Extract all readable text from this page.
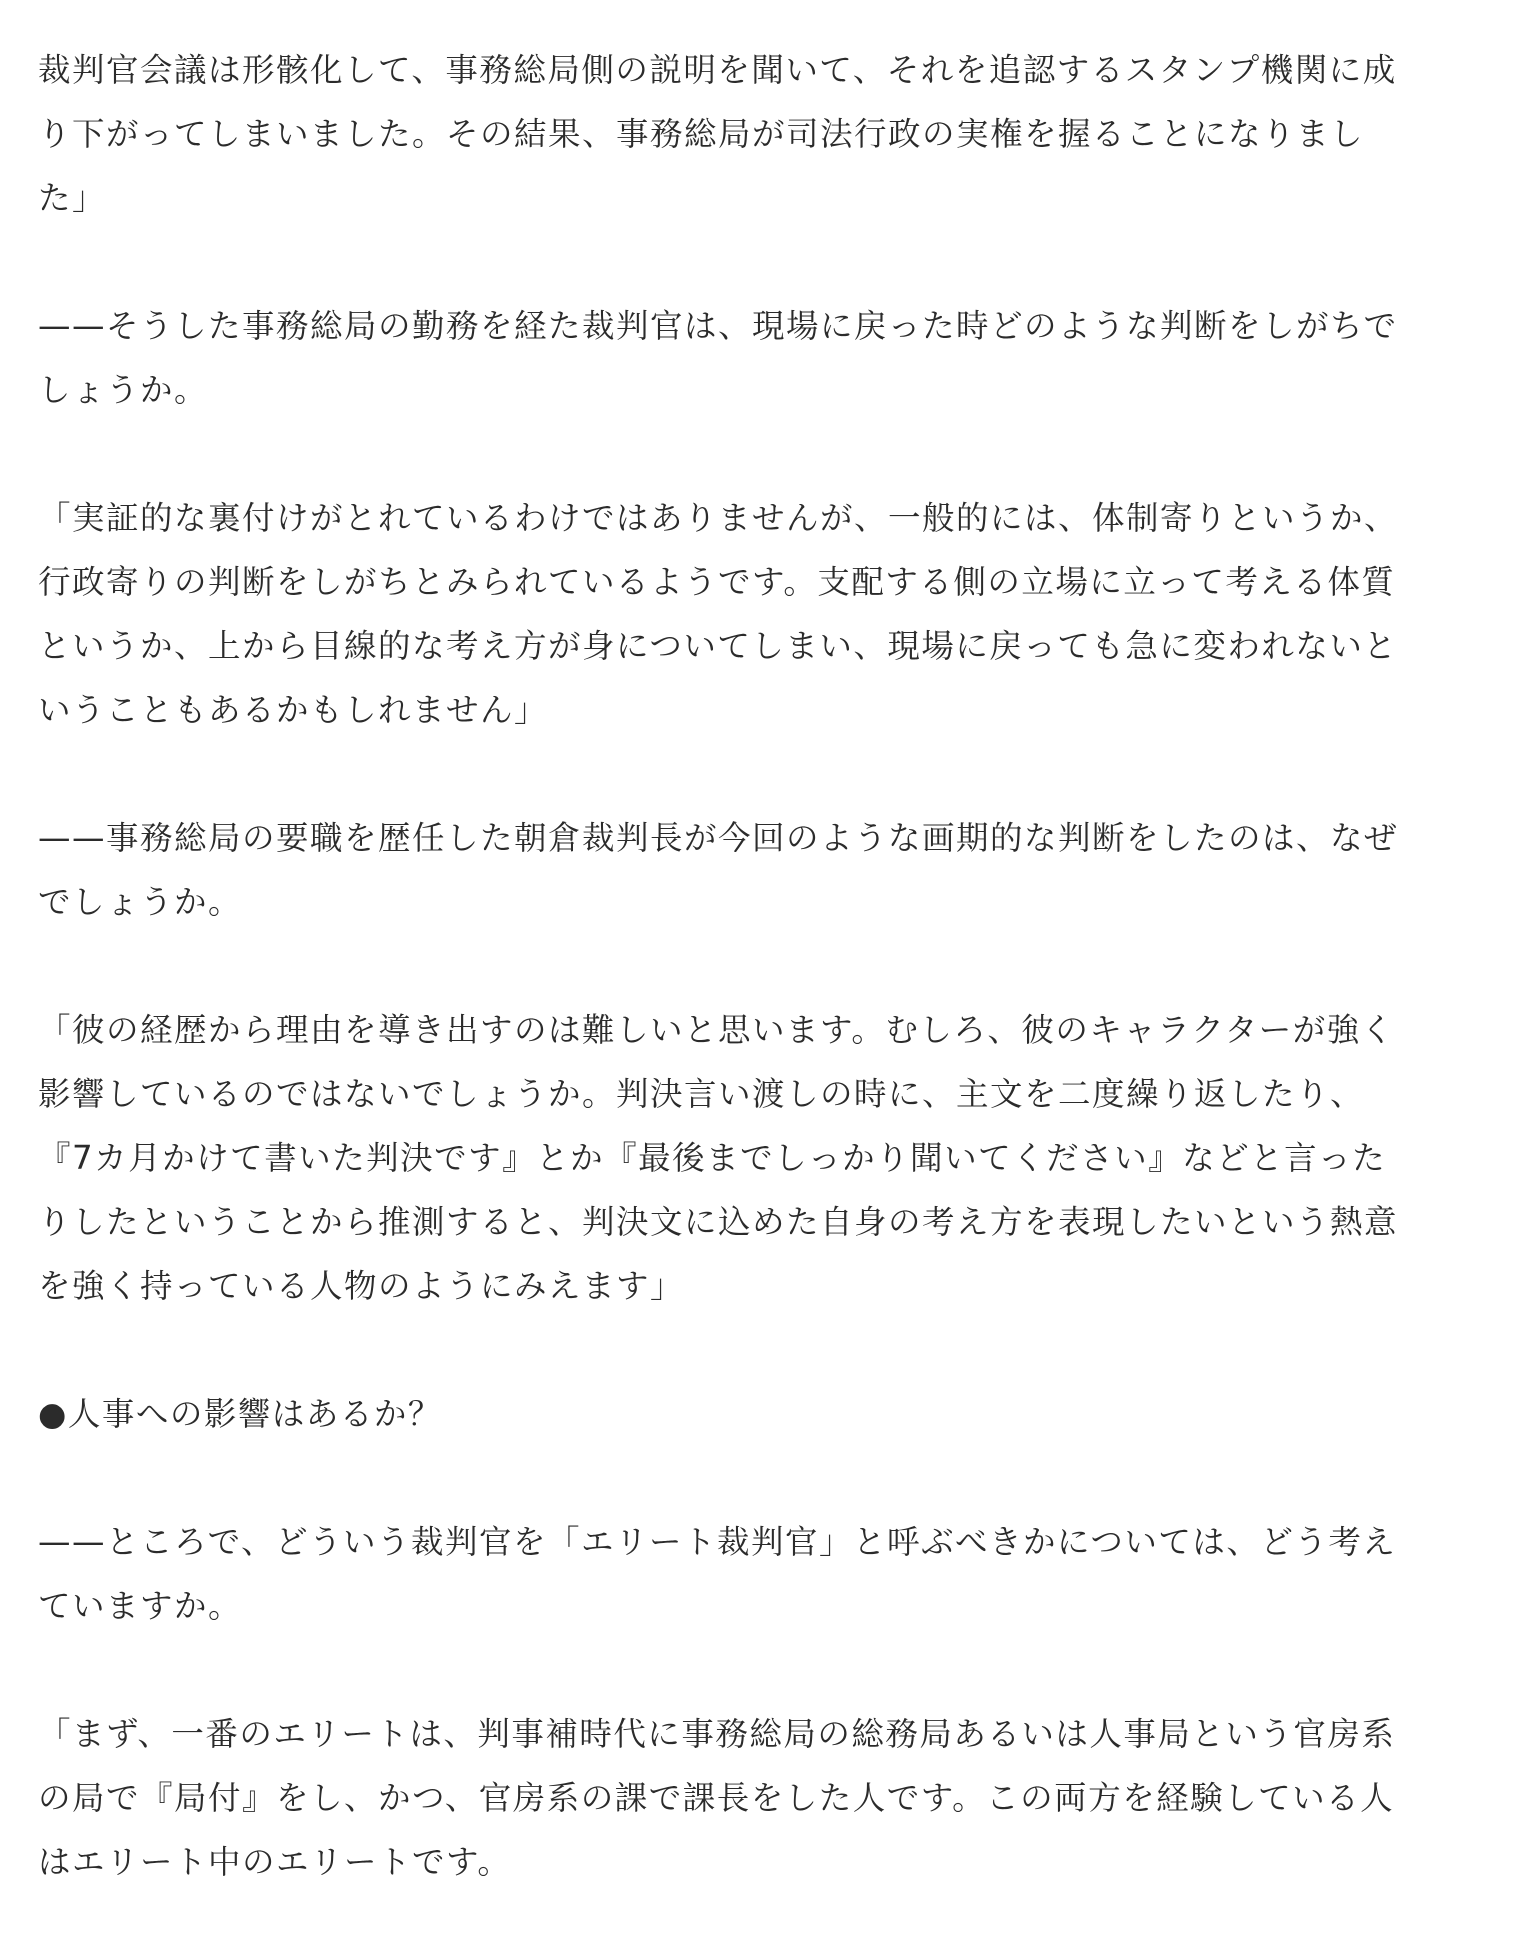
裁判官会議は形骸化して、事務総局側の説明を聞いて、それを追認するスタンプ機関に成
り下がってしまいました。その結果、事務総局が司法行政の実権を握ることになりまし
た」
——そうした事務総局の勤務を経た裁判官は、現場に戻った時どのような判断をしがちで
しょうか。
「実証的な裏付けがとれているわけではありませんが、一般的には、体制寄りというか、
行政寄りの判断をしがちとみられているようです。支配する側の立場に立って考える体質
というか、上から目線的な考え方が身についてしまい、現場に戻っても急に変われないと
いうこともあるかもしれません」
——事務総局の要職を歴任した朝倉裁判長が今回のような画期的な判断をしたのは、なぜ
でしょうか。
「彼の経歴から理由を導き出すのは難しいと思います。むしろ、彼のキャラクターが強く
影響しているのではないでしょうか。判決言い渡しの時に、主文を二度繰り返したり、
『7カ月かけて書いた判決です』とか『最後までしっかり聞いてください』などと言った
りしたということから推測すると、判決文に込めた自身の考え方を表現したいという熱意
を強く持っている人物のようにみえます」
●人事への影響はあるか？
——ところで、どういう裁判官を「エリート裁判官」と呼ぶべきかについては、どう考え
ていますか。
「まず、一番のエリートは、判事補時代に事務総局の総務局あるいは人事局という官房系
の局で『局付』をし、かつ、官房系の課で課長をした人です。この両方を経験している人
はエリート中のエリートです。
